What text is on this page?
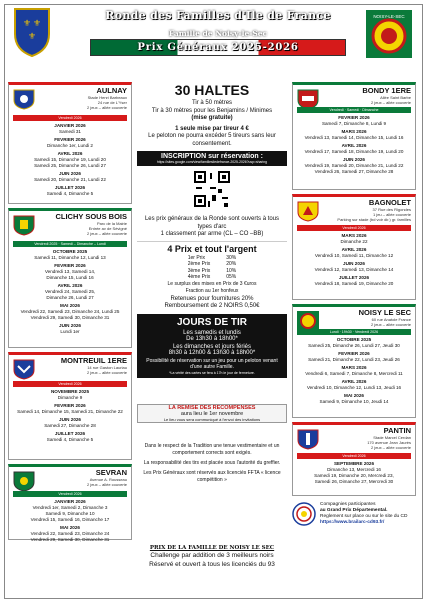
⚜ ⚜
⚜
Ronde des Familles d'Ile de France
Famille de Noisy-le-Sec
Prix Généraux 2025-2026
NOISY-LE-SEC
AULNAY
Stade Henri Barbeaux
24 rue de L'Yser
2 jeux – allée couverte
Vendredi 2026
JANVIER 2026
Samedi 31
FEVRIER 2026
Dimanche 1er, Lundi 2
AVRIL 2026
Samedi 15, Dimanche 19, Lundi 20
Samedi 25, Dimanche 26, Lundi 27
JUIN 2026
Samedi 20, Dimanche 21, Lundi 22
JUILLET 2026
Samedi 4, Dimanche 5
CLICHY SOUS BOIS
Parc de la Mairie
Entrée av de Sévigné
2 jeux – allée couverte
Vendredi 2025 · Samedi – Dimanche – Lundi
OCTOBRE 2025
Samedi 11, Dimanche 12, Lundi 13
FEVRIER 2026
Vendredi 13, Samedi 14,
Dimanche 15, Lundi 16
AVRIL 2026
Vendredi 24, Samedi 25,
Dimanche 26, Lundi 27
MAI 2026
Vendredi 22, Samedi 23, Dimanche 24, Lundi 25
Vendredi 29, Samedi 30, Dimanche 31
JUIN 2026
Lundi 1er
MONTREUIL 1ERE
14 rue Gaston Lauriau
2 jeux – allée couverte
Vendredi 2026
NOVEMBRE 2025
Dimanche 9
FEVRIER 2026
Samedi 14, Dimanche 15, Samedi 21, Dimanche 22
JUIN 2026
Samedi 27, Dimanche 28
JUILLET 2026
Samedi 4, Dimanche 5
SEVRAN
Avenue A. Rousseau
2 jeux – allée couverte
Vendredi 2026
JANVIER 2026
Vendredi 1er, Samedi 2, Dimanche 3
Samedi 9, Dimanche 10
Vendredi 15, Samedi 16, Dimanche 17
MAI 2026
Vendredi 22, Samedi 23, Dimanche 24
Vendredi 29, Samedi 30, Dimanche 31
BONDY 1ERE
Allée Saint Barbe
2 jeux – allée couverte
Vendredi · Samedi · Dimanche
FEVRIER 2026
Samedi 7, Dimanche 8, Lundi 9
MARS 2026
Vendredi 13, Samedi 14, Dimanche 15, Lundi 16
AVRIL 2026
Vendredi 17, Samedi 18, Dimanche 19, Lundi 20
JUIN 2026
Vendredi 19, Samedi 20, Dimanche 21, Lundi 22
Vendredi 26, Samedi 27, Dimanche 28
BAGNOLET
37 Rue des Rigondes
1 jeu – allée couverte
Parking sur stade (bd voir dir.) gr. familles
Vendredi 2026
MARS 2026
Dimanche 22
AVRIL 2026
Vendredi 10, Samedi 11, Dimanche 12
JUIN 2026
Vendredi 12, Samedi 13, Dimanche 14
JUILLET 2026
Vendredi 18, Samedi 19, Dimanche 20
NOISY LE SEC
60 rue Anatole France
2 jeux – allée couverte
Lundi · 19h30 · Vendredi 2026
OCTOBRE 2025
Samedi 25, Dimanche 26, Lundi 27, Jeudi 30
FEVRIER 2026
Samedi 21, Dimanche 22, Lundi 23, Jeudi 26
MARS 2026
Vendredi 6, Samedi 7, Dimanche 8, Mercredi 11
AVRIL 2026
Vendredi 10, Dimanche 12, Lundi 13, Jeudi 16
MAI 2026
Samedi 9, Dimanche 10, Jeudi 14
PANTIN
Stade Marcel Cerdan
170 avenue Jean Jaurès
2 jeux – allée couverte
Vendredi 2026
SEPTEMBRE 2026
Dimanche 13, Mercredi 16
Samedi 19, Dimanche 20, Mercredi 23,
Samedi 26, Dimanche 27, Mercredi 30
30 HALTES
Tir à 50 mètres
Tir à 30 mètres pour les Benjamins / Minimes
(mise gratuite)
1 seule mise par tireur 4 €
Le peloton ne pourra excéder 5 tireurs sans leur consentement.
INSCRIPTION sur réservation :
https://sites.google.com/view/famillesiledefrance-2025-2026?usp=sharing
Les prix généraux de la Ronde sont ouverts à tous types d'arc
1 classement par arme (CL – CO –BB)
4 Prix et tout l'argent
1er Prix	30%
2ème Prix	20%
3ème Prix	10%
4ème Prix	05%
Le surplus des mises en Prix de 3 €uros
Fraction au 1er honfeux
Retenues pour fournitures 20%
Remboursement de 2 NOIRS 0,50€
JOURS DE TIR
Les samedis et lundis
De 13h30 à 18h00*
Les dimanches et jours fériés
8h30 à 12h00 & 13h30 à 18h00*
Possibilité de réservation sur un jeu pour un peloton venant d'une autre Famille.
*La vérité des cartes se fera à 17h le jour de fermeture.
LA REMISE DES RECOMPENSES
aura lieu le 1er novembre
Le lieu vous sera communiqué à l'envoi des invitations
Dans le respect de la Tradition une tenue vestimentaire et un comportement corrects sont exigés.
La responsabilité des tirs est placée sous l'autorité du greffier.
Les Prix Généraux sont réservés aux licenciés FFTA « licence compétition »
PRIX DE LA FAMILLE DE NOISY LE SEC
Challenge par addition de 3 meilleurs noirs
Réservé et ouvert à tous les licenciés du 93
Compagnies participantes
au Grand Prix Départemental.
Reglement sur place ou sur le site du CD
https://www.brailarc-cd93.fr/
